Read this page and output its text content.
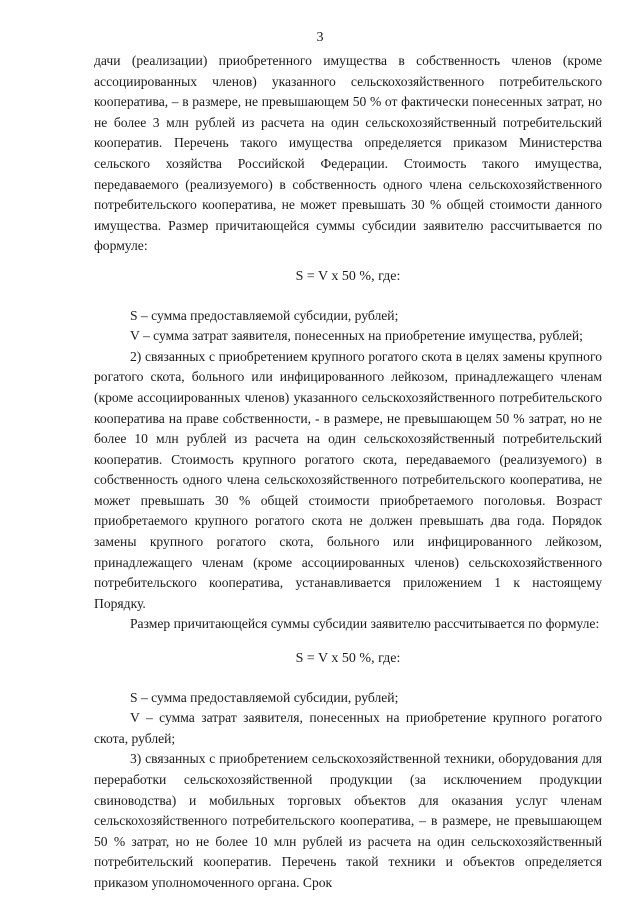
3

дачи (реализации) приобретенного имущества в собственность членов (кроме ассоциированных членов) указанного сельскохозяйственного потребительского кооператива, – в размере, не превышающем 50 % от фактически понесенных затрат, но не более 3 млн рублей из расчета на один сельскохозяйственный потребительский кооператив. Перечень такого имущества определяется приказом Министерства сельского хозяйства Российской Федерации. Стоимость такого имущества, передаваемого (реализуемого) в собственность одного члена сельскохозяйственного потребительского кооператива, не может превышать 30 % общей стоимости данного имущества. Размер причитающейся суммы субсидии заявителю рассчитывается по формуле:

S = V x 50 %, где:

S – сумма предоставляемой субсидии, рублей;

V – сумма затрат заявителя, понесенных на приобретение имущества, рублей;

2) связанных с приобретением крупного рогатого скота в целях замены крупного рогатого скота, больного или инфицированного лейкозом, принадлежащего членам (кроме ассоциированных членов) указанного сельскохозяйственного потребительского кооператива на праве собственности, - в размере, не превышающем 50 % затрат, но не более 10 млн рублей из расчета на один сельскохозяйственный потребительский кооператив. Стоимость крупного рогатого скота, передаваемого (реализуемого) в собственность одного члена сельскохозяйственного потребительского кооператива, не может превышать 30 % общей стоимости приобретаемого поголовья. Возраст приобретаемого крупного рогатого скота не должен превышать два года. Порядок замены крупного рогатого скота, больного или инфицированного лейкозом, принадлежащего членам (кроме ассоциированных членов) сельскохозяйственного потребительского кооператива, устанавливается приложением 1 к настоящему Порядку.

Размер причитающейся суммы субсидии заявителю рассчитывается по формуле:

S = V x 50 %, где:

S – сумма предоставляемой субсидии, рублей;

V – сумма затрат заявителя, понесенных на приобретение крупного рогатого скота, рублей;

3) связанных с приобретением сельскохозяйственной техники, оборудования для переработки сельскохозяйственной продукции (за исключением продукции свиноводства) и мобильных торговых объектов для оказания услуг членам сельскохозяйственного потребительского кооператива, – в размере, не превышающем 50 % затрат, но не более 10 млн рублей из расчета на один сельскохозяйственный потребительский кооператив. Перечень такой техники и объектов определяется приказом уполномоченного органа. Срок
